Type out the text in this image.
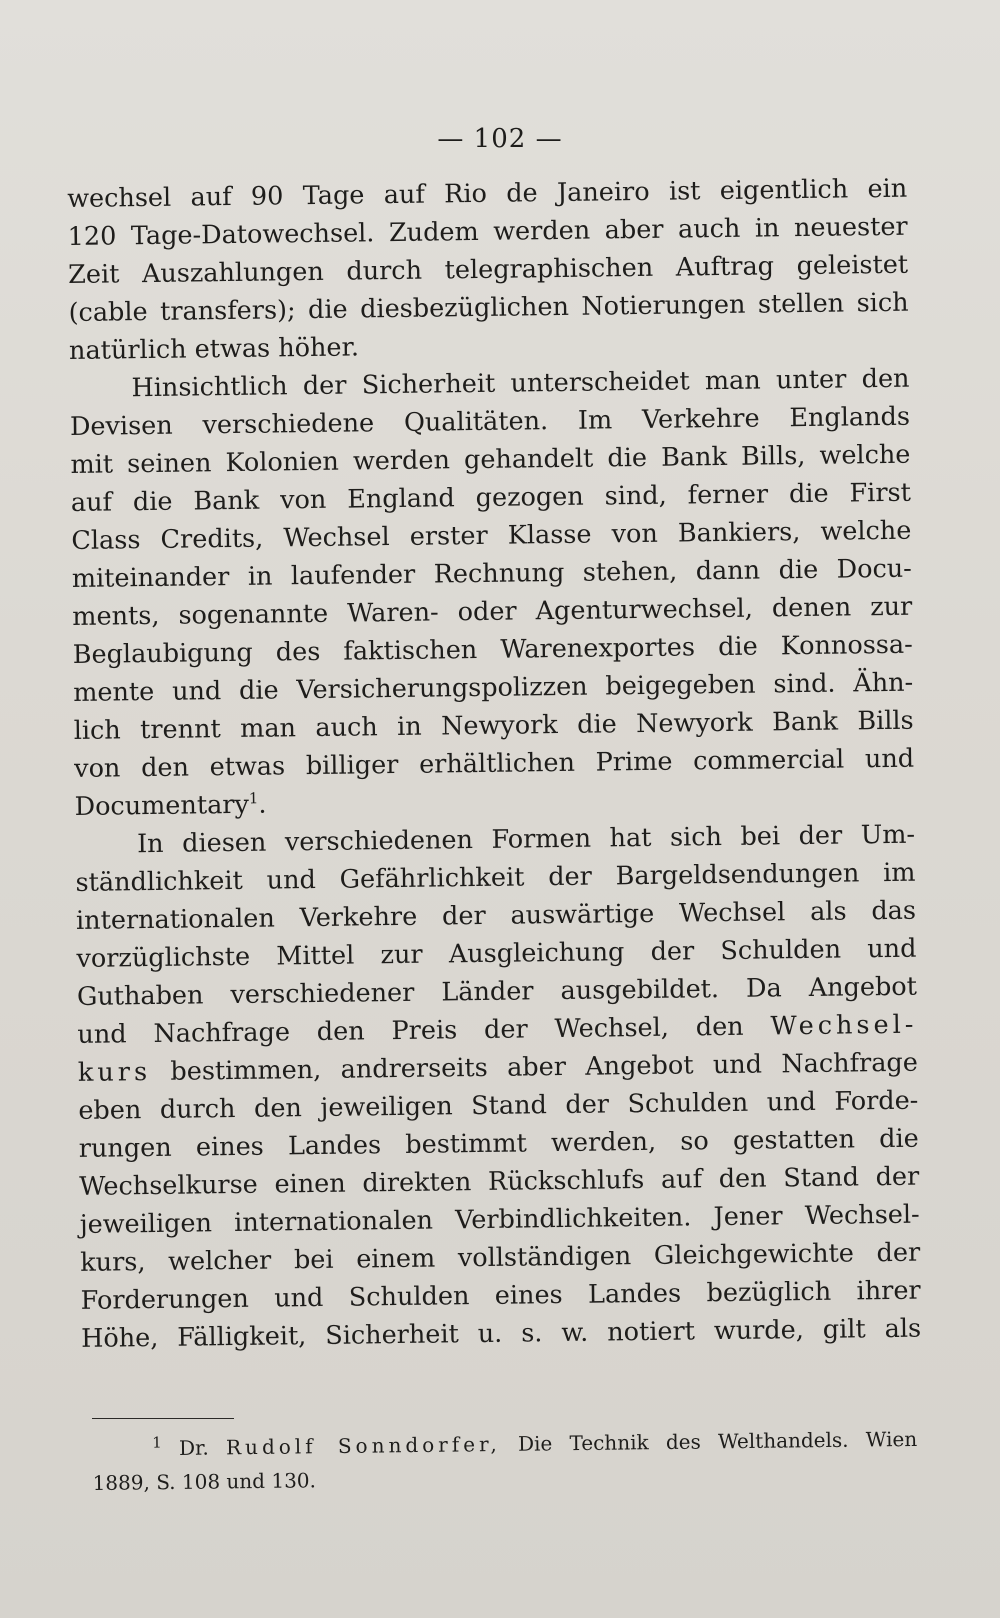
— 102 —
wechsel auf 90 Tage auf Rio de Janeiro ist eigentlich ein
120 Tage-Datowechsel. Zudem werden aber auch in neuester
Zeit Auszahlungen durch telegraphischen Auftrag geleistet
(cable transfers); die diesbezüglichen Notierungen stellen sich
natürlich etwas höher.
Hinsichtlich der Sicherheit unterscheidet man unter den
Devisen verschiedene Qualitäten. Im Verkehre Englands
mit seinen Kolonien werden gehandelt die Bank Bills, welche
auf die Bank von England gezogen sind, ferner die First
Class Credits, Wechsel erster Klasse von Bankiers, welche
miteinander in laufender Rechnung stehen, dann die Docu-
ments, sogenannte Waren- oder Agenturwechsel, denen zur
Beglaubigung des faktischen Warenexportes die Konnossa-
mente und die Versicherungspolizzen beigegeben sind. Ähn-
lich trennt man auch in Newyork die Newyork Bank Bills
von den etwas billiger erhältlichen Prime commercial und
Documentary$^1$.
In diesen verschiedenen Formen hat sich bei der Um-
ständlichkeit und Gefährlichkeit der Bargeldsendungen im
internationalen Verkehre der auswärtige Wechsel als das
vorzüglichste Mittel zur Ausgleichung der Schulden und
Guthaben verschiedener Länder ausgebildet. Da Angebot
und Nachfrage den Preis der Wechsel, den Wechsel-
kurs bestimmen, andrerseits aber Angebot und Nachfrage
eben durch den jeweiligen Stand der Schulden und Forde-
rungen eines Landes bestimmt werden, so gestatten die
Wechselkurse einen direkten Rückschlufs auf den Stand der
jeweiligen internationalen Verbindlichkeiten. Jener Wechsel-
kurs, welcher bei einem vollständigen Gleichgewichte der
Forderungen und Schulden eines Landes bezüglich ihrer
Höhe, Fälligkeit, Sicherheit u. s. w. notiert wurde, gilt als
$^1$ Dr. Rudolf Sonndorfer, Die Technik des Welthandels. Wien
1889, S. 108 und 130.
